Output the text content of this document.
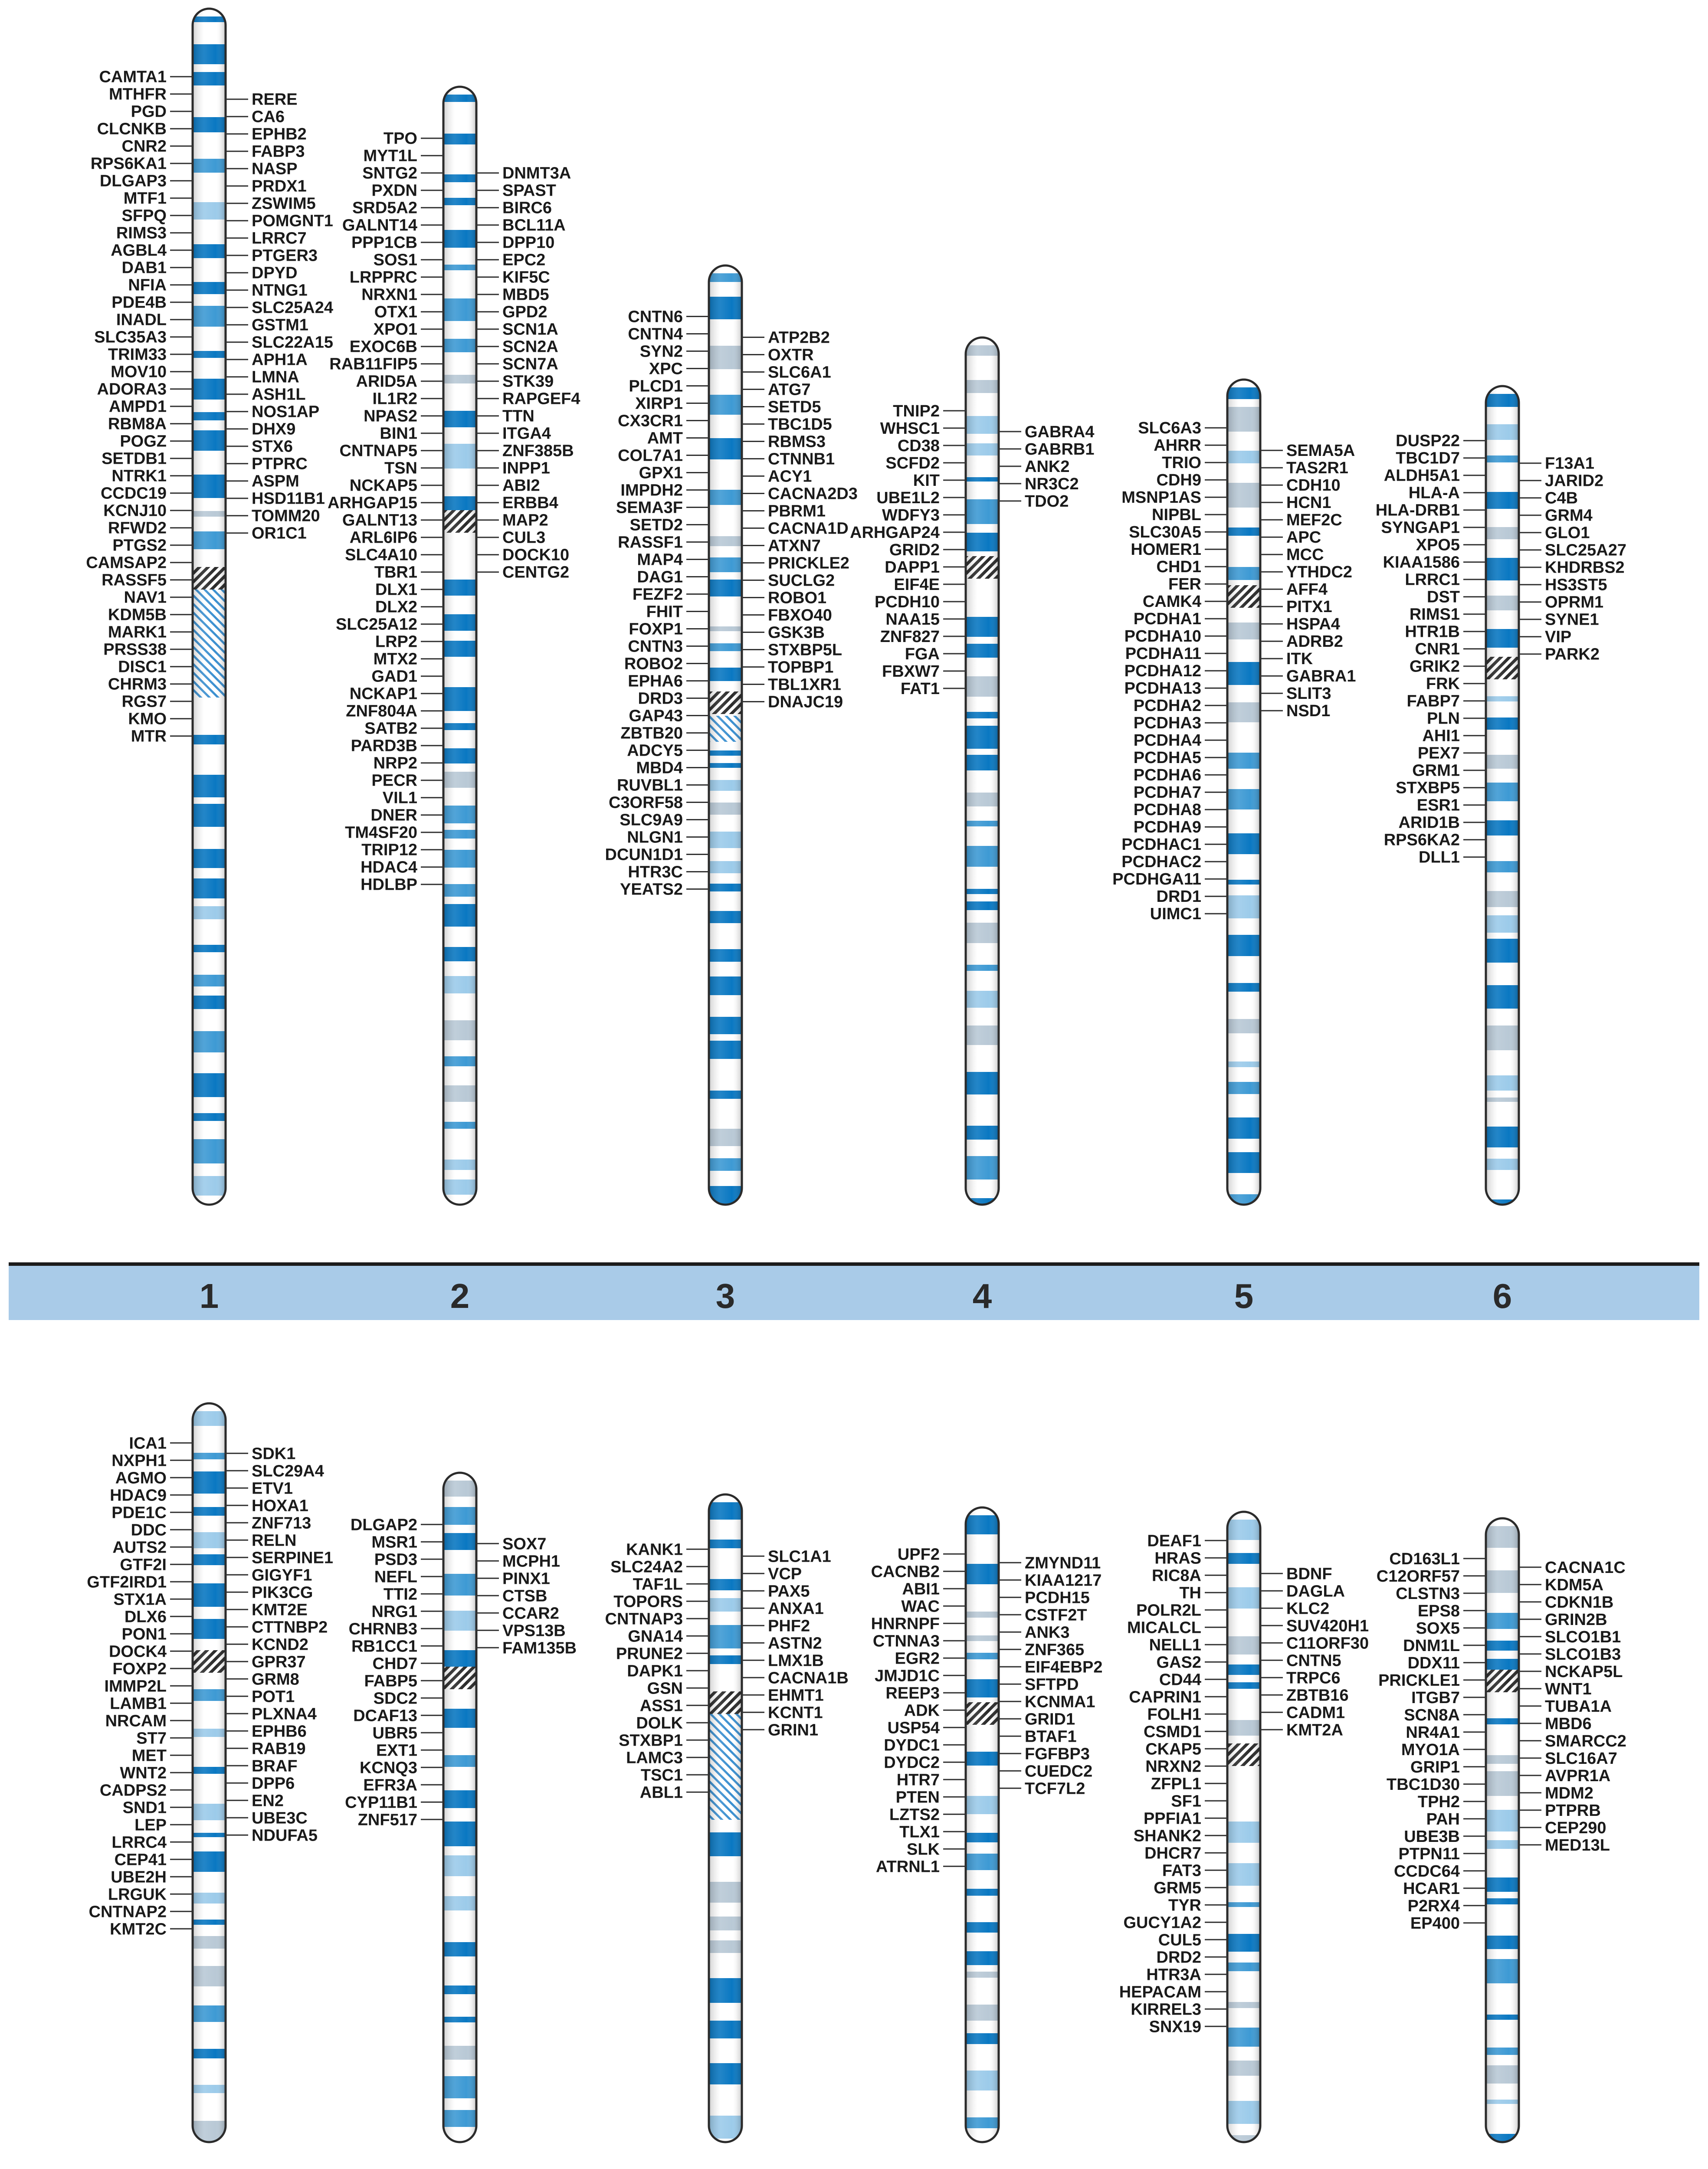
CAMTA1
MTHFR
PGD
CLCNKB
CNR2
RPS6KA1
DLGAP3
MTF1
SFPQ
RIMS3
AGBL4
DAB1
NFIA
PDE4B
INADL
SLC35A3
TRIM33
MOV10
ADORA3
AMPD1
RBM8A
POGZ
SETDB1
NTRK1
CCDC19
KCNJ10
RFWD2
PTGS2
CAMSAP2
RASSF5
NAV1
KDM5B
MARK1
PRSS38
DISC1
CHRM3
RGS7
KMO
MTR
RERE
CA6
EPHB2
FABP3
NASP
PRDX1
ZSWIM5
POMGNT1
LRRC7
PTGER3
DPYD
NTNG1
SLC25A24
GSTM1
SLC22A15
APH1A
LMNA
ASH1L
NOS1AP
DHX9
STX6
PTPRC
ASPM
HSD11B1
TOMM20
OR1C1
TPO
MYT1L
SNTG2
PXDN
SRD5A2
GALNT14
PPP1CB
SOS1
LRPPRC
NRXN1
OTX1
XPO1
EXOC6B
RAB11FIP5
ARID5A
IL1R2
NPAS2
BIN1
CNTNAP5
TSN
NCKAP5
ARHGAP15
GALNT13
ARL6IP6
SLC4A10
TBR1
DLX1
DLX2
SLC25A12
LRP2
MTX2
GAD1
NCKAP1
ZNF804A
SATB2
PARD3B
NRP2
PECR
VIL1
DNER
TM4SF20
TRIP12
HDAC4
HDLBP
DNMT3A
SPAST
BIRC6
BCL11A
DPP10
EPC2
KIF5C
MBD5
GPD2
SCN1A
SCN2A
SCN7A
STK39
RAPGEF4
TTN
ITGA4
ZNF385B
INPP1
ABI2
ERBB4
MAP2
CUL3
DOCK10
CENTG2
CNTN6
CNTN4
SYN2
XPC
PLCD1
XIRP1
CX3CR1
AMT
COL7A1
GPX1
IMPDH2
SEMA3F
SETD2
RASSF1
MAP4
DAG1
FEZF2
FHIT
FOXP1
CNTN3
ROBO2
EPHA6
DRD3
GAP43
ZBTB20
ADCY5
MBD4
RUVBL1
C3ORF58
SLC9A9
NLGN1
DCUN1D1
HTR3C
YEATS2
ATP2B2
OXTR
SLC6A1
ATG7
SETD5
TBC1D5
RBMS3
CTNNB1
ACY1
CACNA2D3
PBRM1
CACNA1D
ATXN7
PRICKLE2
SUCLG2
ROBO1
FBXO40
GSK3B
STXBP5L
TOPBP1
TBL1XR1
DNAJC19
TNIP2
WHSC1
CD38
SCFD2
KIT
UBE1L2
WDFY3
ARHGAP24
GRID2
DAPP1
EIF4E
PCDH10
NAA15
ZNF827
FGA
FBXW7
FAT1
GABRA4
GABRB1
ANK2
NR3C2
TDO2
SLC6A3
AHRR
TRIO
CDH9
MSNP1AS
NIPBL
SLC30A5
HOMER1
CHD1
FER
CAMK4
PCDHA1
PCDHA10
PCDHA11
PCDHA12
PCDHA13
PCDHA2
PCDHA3
PCDHA4
PCDHA5
PCDHA6
PCDHA7
PCDHA8
PCDHA9
PCDHAC1
PCDHAC2
PCDHGA11
DRD1
UIMC1
SEMA5A
TAS2R1
CDH10
HCN1
MEF2C
APC
MCC
YTHDC2
AFF4
PITX1
HSPA4
ADRB2
ITK
GABRA1
SLIT3
NSD1
DUSP22
TBC1D7
ALDH5A1
HLA-A
HLA-DRB1
SYNGAP1
XPO5
KIAA1586
LRRC1
DST
RIMS1
HTR1B
CNR1
GRIK2
FRK
FABP7
PLN
AHI1
PEX7
GRM1
STXBP5
ESR1
ARID1B
RPS6KA2
DLL1
F13A1
JARID2
C4B
GRM4
GLO1
SLC25A27
KHDRBS2
HS3ST5
OPRM1
SYNE1
VIP
PARK2
1	2	3	4	5	6
ICA1
NXPH1
AGMO
HDAC9
PDE1C
DDC
AUTS2
GTF2I
GTF2IRD1
STX1A
DLX6
PON1
DOCK4
FOXP2
IMMP2L
LAMB1
NRCAM
ST7
MET
WNT2
CADPS2
SND1
LEP
LRRC4
CEP41
UBE2H
LRGUK
CNTNAP2
KMT2C
SDK1
SLC29A4
ETV1
HOXA1
ZNF713
RELN
SERPINE1
GIGYF1
PIK3CG
KMT2E
CTTNBP2
KCND2
GPR37
GRM8
POT1
PLXNA4
EPHB6
RAB19
BRAF
DPP6
EN2
UBE3C
NDUFA5
DLGAP2
MSR1
PSD3
NEFL
TTI2
NRG1
CHRNB3
RB1CC1
CHD7
FABP5
SDC2
DCAF13
UBR5
EXT1
KCNQ3
EFR3A
CYP11B1
ZNF517
SOX7
MCPH1
PINX1
CTSB
CCAR2
VPS13B
FAM135B
KANK1
SLC24A2
TAF1L
TOPORS
CNTNAP3
GNA14
PRUNE2
DAPK1
GSN
ASS1
DOLK
STXBP1
LAMC3
TSC1
ABL1
SLC1A1
VCP
PAX5
ANXA1
PHF2
ASTN2
LMX1B
CACNA1B
EHMT1
KCNT1
GRIN1
UPF2
CACNB2
ABI1
WAC
HNRNPF
CTNNA3
EGR2
JMJD1C
REEP3
ADK
USP54
DYDC1
DYDC2
HTR7
PTEN
LZTS2
TLX1
SLK
ATRNL1
ZMYND11
KIAA1217
PCDH15
CSTF2T
ANK3
ZNF365
EIF4EBP2
SFTPD
KCNMA1
GRID1
BTAF1
FGFBP3
CUEDC2
TCF7L2
DEAF1
HRAS
RIC8A
TH
POLR2L
MICALCL
NELL1
GAS2
CD44
CAPRIN1
FOLH1
CSMD1
CKAP5
NRXN2
ZFPL1
SF1
PPFIA1
SHANK2
DHCR7
FAT3
GRM5
TYR
GUCY1A2
CUL5
DRD2
HTR3A
HEPACAM
KIRREL3
SNX19
BDNF
DAGLA
KLC2
SUV420H1
C11ORF30
CNTN5
TRPC6
ZBTB16
CADM1
KMT2A
CD163L1
C12ORF57
CLSTN3
EPS8
SOX5
DNM1L
DDX11
PRICKLE1
ITGB7
SCN8A
NR4A1
MYO1A
GRIP1
TBC1D30
TPH2
PAH
UBE3B
PTPN11
CCDC64
HCAR1
P2RX4
EP400
CACNA1C
KDM5A
CDKN1B
GRIN2B
SLCO1B1
SLCO1B3
NCKAP5L
WNT1
TUBA1A
MBD6
SMARCC2
SLC16A7
AVPR1A
MDM2
PTPRB
CEP290
MED13L
